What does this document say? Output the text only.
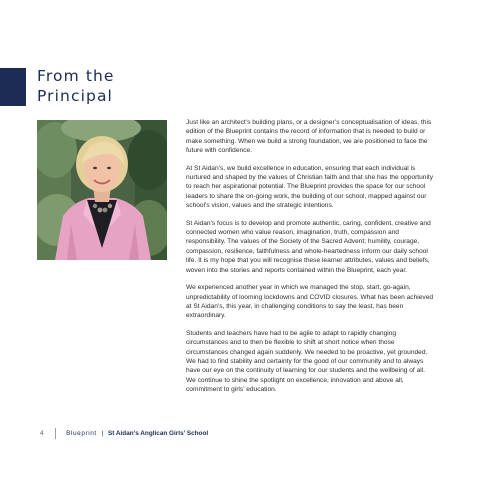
From the
Principal

Just like an architect’s building plans, or a designer’s conceptualisation of ideas, this edition of the Blueprint contains the record of information that is needed to build or make something. When we build a strong foundation, we are positioned to face the future with confidence.

At St Aidan’s, we build excellence in education, ensuring that each individual is nurtured and shaped by the values of Christian faith and that she has the opportunity to reach her aspirational potential. The Blueprint provides the space for our school leaders to share the on-going work, the building of our school, mapped against our school’s vision, values and the strategic intentions.

St Aidan’s focus is to develop and promote authentic, caring, confident, creative and connected women who value reason, imagination, truth, compassion and responsibility. The values of the Society of the Sacred Advent; humility, courage, compassion, resilience, faithfulness and whole-heartedness inform our daily school life. It is my hope that you will recognise these learner attributes, values and beliefs, woven into the stories and reports contained within the Blueprint, each year.

We experienced another year in which we managed the stop, start, go-again, unpredictability of looming lockdowns and COVID closures. What has been achieved at St Aidan’s, this year, in challenging conditions to say the least, has been extraordinary.

Students and teachers have had to be agile to adapt to rapidly changing circumstances and to then be flexible to shift at short notice when those circumstances changed again suddenly. We needed to be proactive, yet grounded. We had to find stability and certainty for the good of our community and to always have our eye on the continuity of learning for our students and the wellbeing of all. We continue to shine the spotlight on excellence, innovation and above all, commitment to girls’ education.

4	Blueprint | St Aidan’s Anglican Girls’ School
